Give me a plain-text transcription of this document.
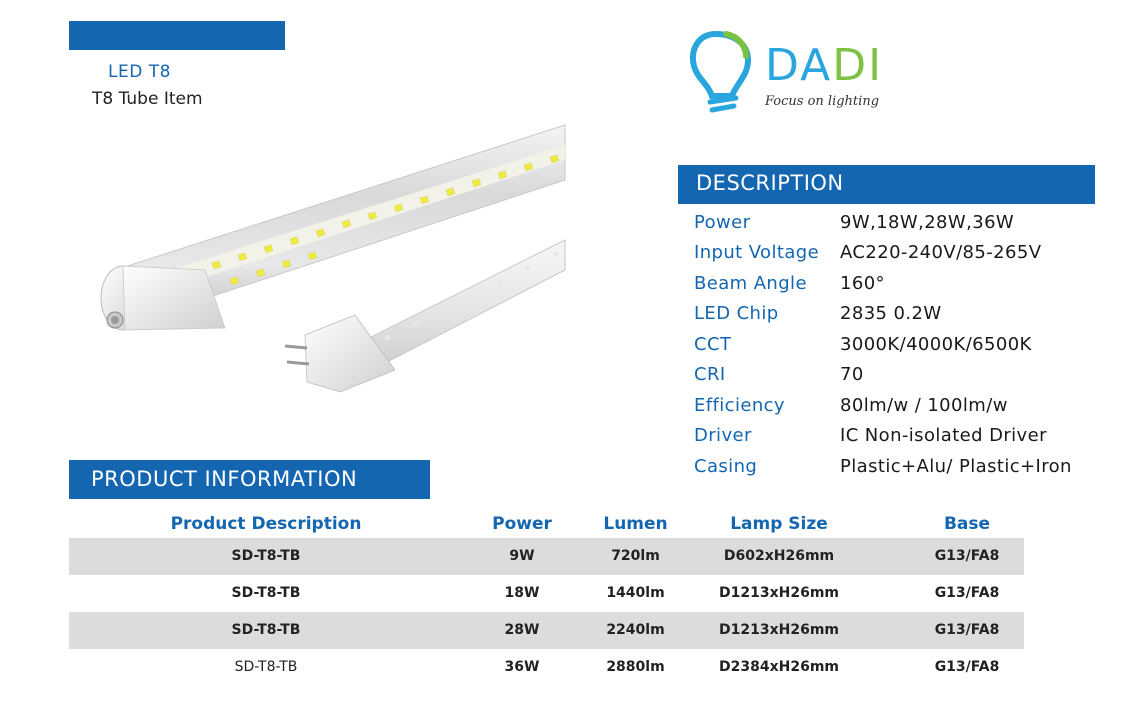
LED T8
T8 Tube Item
DADI
Focus on lighting
DESCRIPTION
Power	9W,18W,28W,36W
Input Voltage	AC220-240V/85-265V
Beam Angle	160°
LED Chip	2835 0.2W
CCT	3000K/4000K/6500K
CRI	70
Efficiency	80lm/w / 100lm/w
Driver	IC Non-isolated Driver
Casing	Plastic+Alu/ Plastic+Iron
PRODUCT INFORMATION
Product Description	Power	Lumen	Lamp Size	Base
SD-T8-TB	9W	720lm	D602xH26mm	G13/FA8
SD-T8-TB	18W	1440lm	D1213xH26mm	G13/FA8
SD-T8-TB	28W	2240lm	D1213xH26mm	G13/FA8
SD-T8-TB	36W	2880lm	D2384xH26mm	G13/FA8
